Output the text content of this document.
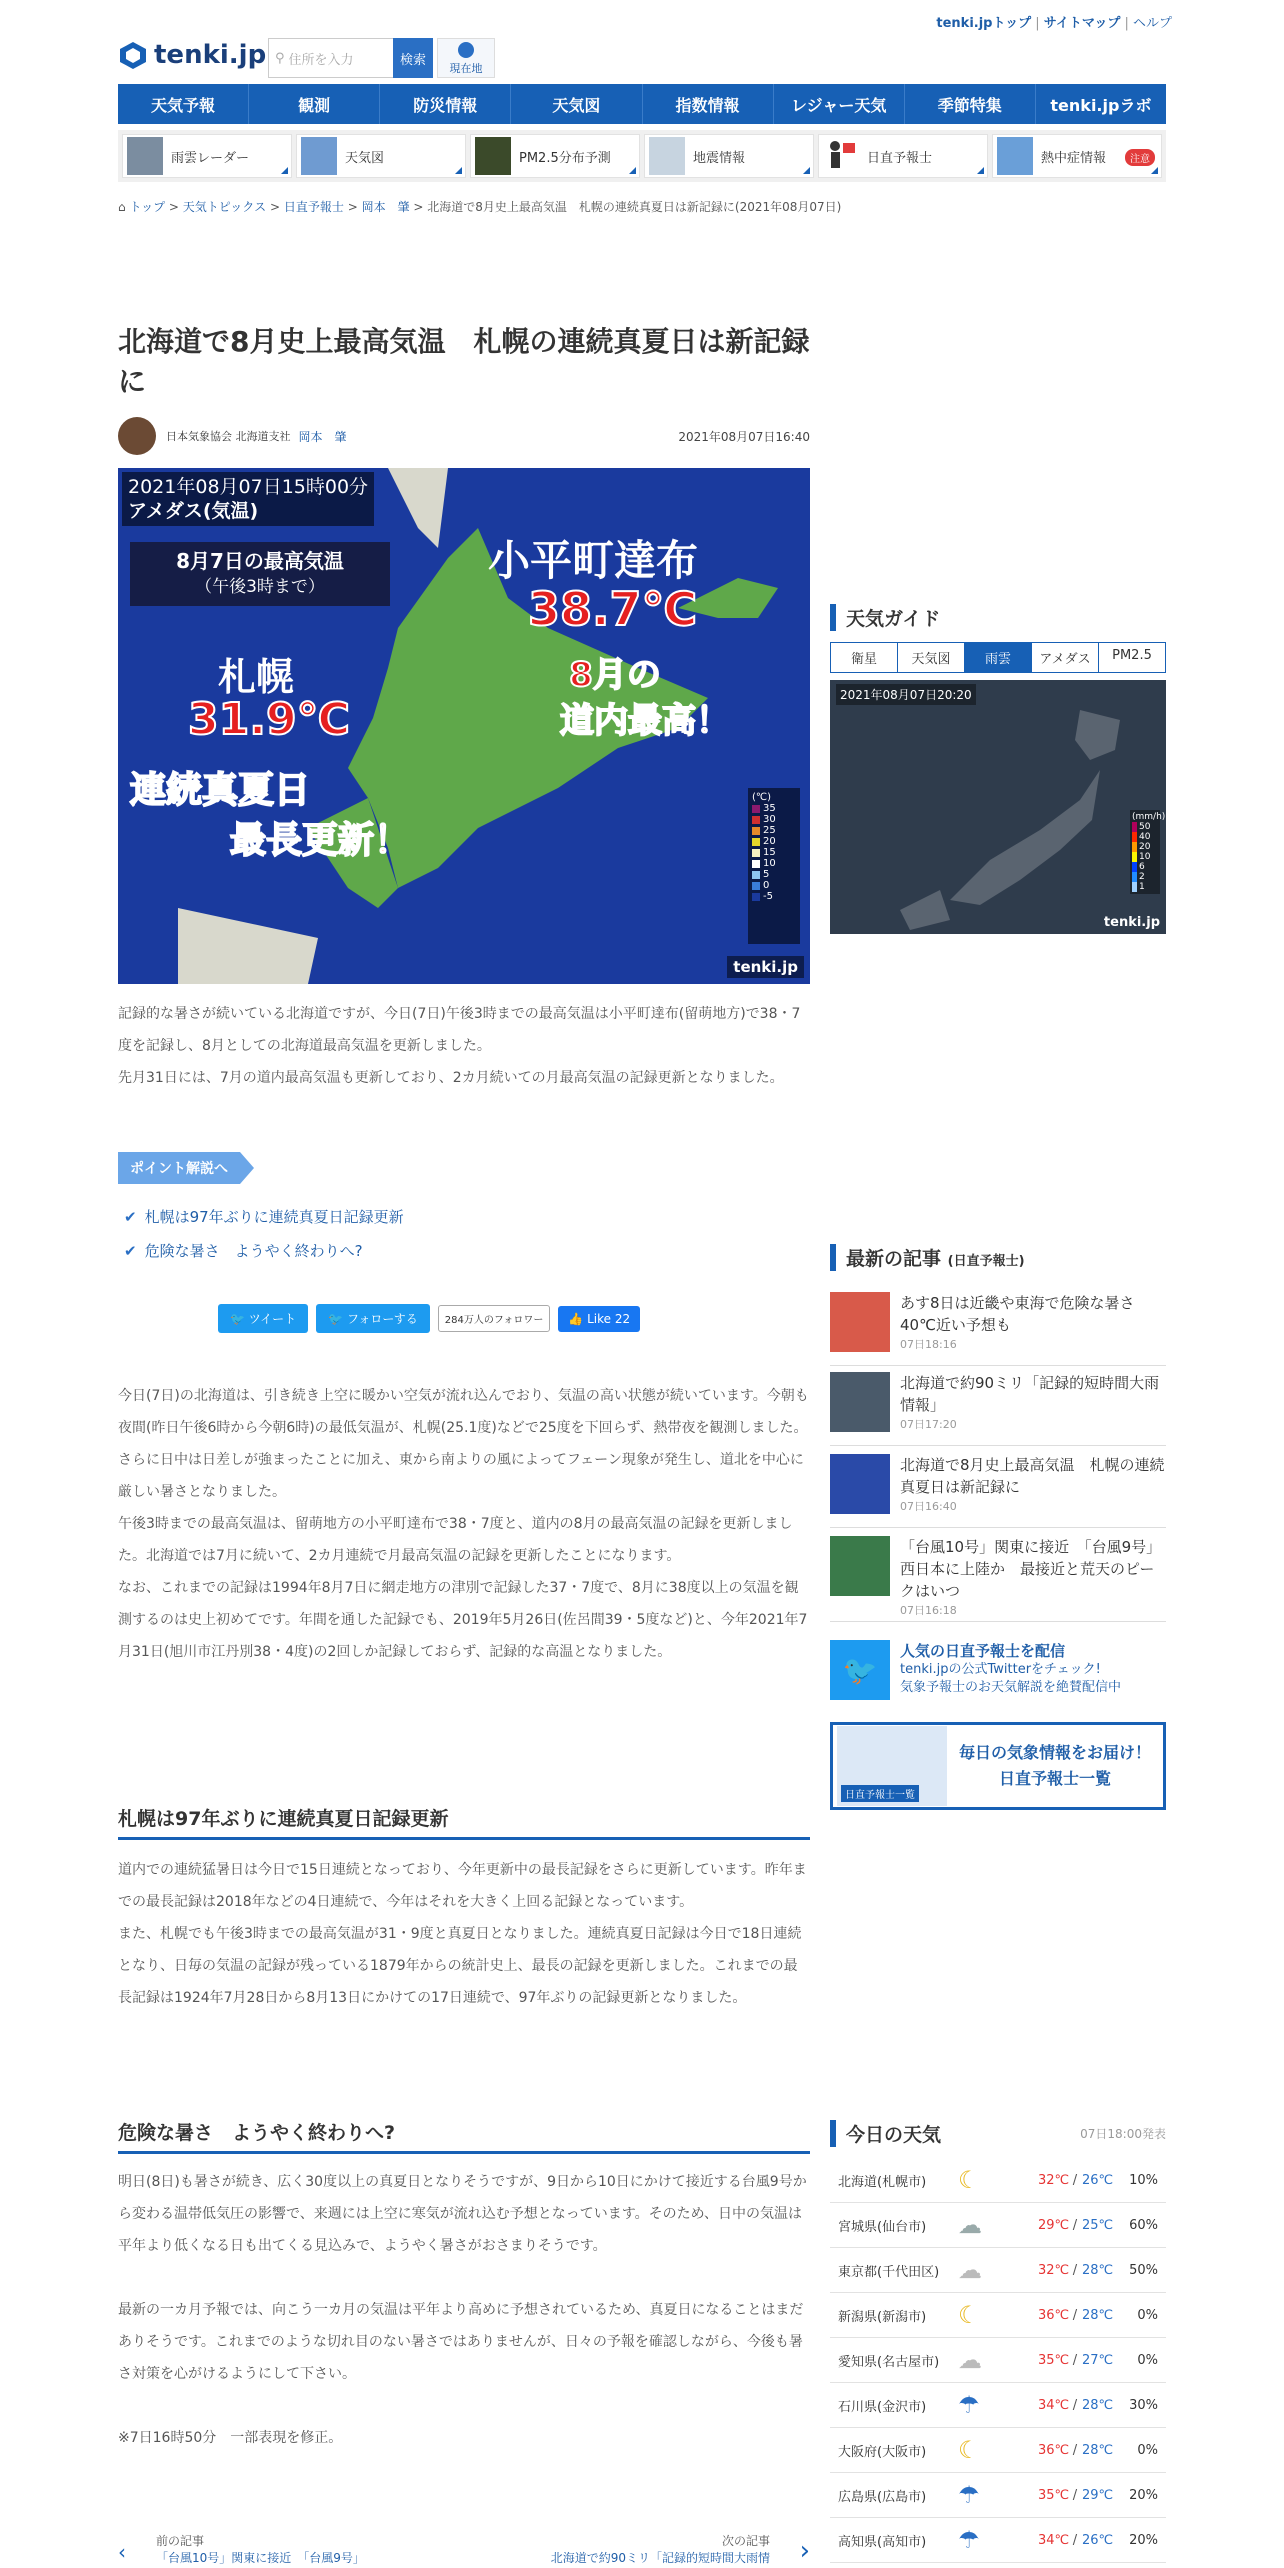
tenki.jpトップ | サイトマップ | ヘルプ
tenki.jp ⚲ 住所を入力	検索
現在地
天気予報	観測	防災情報	天気図	指数情報	レジャー天気	季節特集	tenki.jpラボ
雨雲レーダー	天気図	PM2.5分布予測	地震情報	日直予報士	熱中症情報	注意
⌂ トップ > 天気トピックス > 日直予報士 > 岡本　肇 > 北海道で8月史上最高気温　札幌の連続真夏日は新記録に(2021年08月07日)
北海道で8月史上最高気温　札幌の連続真夏日は新記録に
日本気象協会 北海道支社 岡本　肇	2021年08月07日16:40
2021年08月07日15時00分
アメダス(気温)
8月7日の最高気温
（午後3時まで）
小平町達布
38.7℃
札幌
31.9℃
8月の
道内最高！
連続真夏日
最長更新！
(℃)
35
30
25
20
15
10
5
0
-5
tenki.jp

記録的な暑さが続いている北海道ですが、今日(7日)午後3時までの最高気温は小平町達布(留萌地方)で38・7度を記録し、8月としての北海道最高気温を更新しました。

先月31日には、7月の道内最高気温も更新しており、2カ月続いての月最高気温の記録更新となりました。

ポイント解説へ
✔ 札幌は97年ぶりに連続真夏日記録更新
✔ 危険な暑さ　ようやく終わりへ?
🐦 ツイート	🐦 フォローする	284万人のフォロワー	👍 Like 22
今日(7日)の北海道は、引き続き上空に暖かい空気が流れ込んでおり、気温の高い状態が続いています。今朝も夜間(昨日午後6時から今朝6時)の最低気温が、札幌(25.1度)などで25度を下回らず、熱帯夜を観測しました。
さらに日中は日差しが強まったことに加え、東から南よりの風によってフェーン現象が発生し、道北を中心に厳しい暑さとなりました。
午後3時までの最高気温は、留萌地方の小平町達布で38・7度と、道内の8月の最高気温の記録を更新しました。北海道では7月に続いて、2カ月連続で月最高気温の記録を更新したことになります。
なお、これまでの記録は1994年8月7日に網走地方の津別で記録した37・7度で、8月に38度以上の気温を観測するのは史上初めてです。年間を通した記録でも、2019年5月26日(佐呂間39・5度など)と、今年2021年7月31日(旭川市江丹別38・4度)の2回しか記録しておらず、記録的な高温となりました。
札幌は97年ぶりに連続真夏日記録更新
道内での連続猛暑日は今日で15日連続となっており、今年更新中の最長記録をさらに更新しています。昨年までの最長記録は2018年などの4日連続で、今年はそれを大きく上回る記録となっています。
また、札幌でも午後3時までの最高気温が31・9度と真夏日となりました。連続真夏日記録は今日で18日連続となり、日毎の気温の記録が残っている1879年からの統計史上、最長の記録を更新しました。これまでの最長記録は1924年7月28日から8月13日にかけての17日連続で、97年ぶりの記録更新となりました。
危険な暑さ　ようやく終わりへ?
明日(8日)も暑さが続き、広く30度以上の真夏日となりそうですが、9日から10日にかけて接近する台風9号から変わる温帯低気圧の影響で、来週には上空に寒気が流れ込む予想となっています。そのため、日中の気温は平年より低くなる日も出てくる見込みで、ようやく暑さがおさまりそうです。

最新の一カ月予報では、向こう一カ月の気温は平年より高めに予想されているため、真夏日になることはまだありそうです。これまでのような切れ目のない暑さではありませんが、日々の予報を確認しながら、今後も暑さ対策を心がけるようにして下さい。

※7日16時50分　一部表現を修正。
‹	前の記事
「台風10号」関東に接近　「台風9号」
次の記事
北海道で約90ミリ「記録的短時間大雨情 ›
天気ガイド
衛星	天気図	雨雲	アメダス	PM2.5
2021年08月07日20:20
(mm/h)
50
40
20
10
6
2
1
tenki.jp
最新の記事 (日直予報士)
あす8日は近畿や東海で危険な暑さ　40℃近い予想も
07日18:16
北海道で約90ミリ「記録的短時間大雨情報」
07日17:20
北海道で8月史上最高気温　札幌の連続真夏日は新記録に
07日16:40
「台風10号」関東に接近　「台風9号」西日本に上陸か　最接近と荒天のピークはいつ
07日16:18
🐦
人気の日直予報士を配信
tenki.jpの公式Twitterをチェック!
気象予報士のお天気解説を絶賛配信中
日直予報士一覧
毎日の気象情報をお届け！
日直予報士一覧
今日の天気	07日18:00発表
北海道(札幌市)	☾	32℃ / 26℃	10%
宮城県(仙台市)	☁	29℃ / 25℃	60%
東京都(千代田区) ☁	32℃ / 28℃	50%
新潟県(新潟市)	☾	36℃ / 28℃	0%
愛知県(名古屋市) ☁	35℃ / 27℃	0%
石川県(金沢市)	☂	34℃ / 28℃	30%
大阪府(大阪市)	☾	36℃ / 28℃	0%
広島県(広島市)	☂	35℃ / 29℃	20%
高知県(高知市)	☂	34℃ / 26℃	20%
